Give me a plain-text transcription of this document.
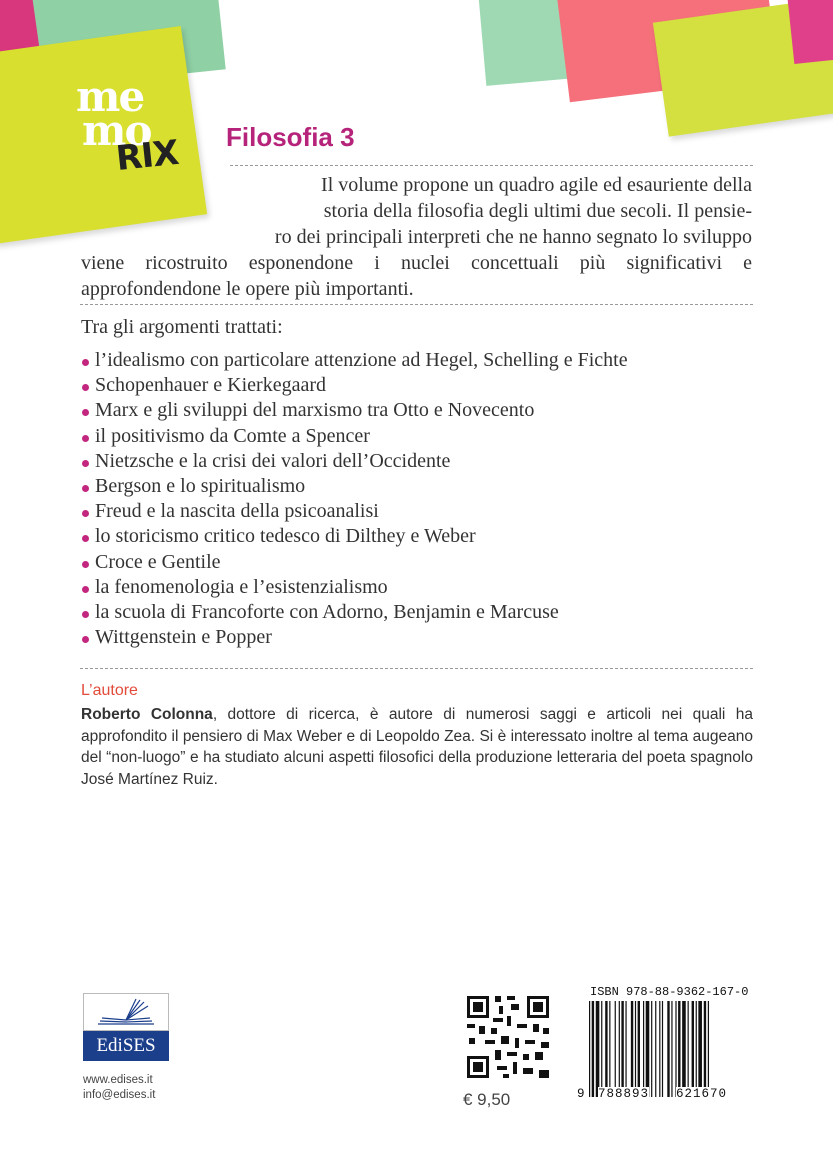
me
mo
RIX Filosofia 3

Il volume propone un quadro agile ed esauriente della
storia della filosofia degli ultimi due secoli. Il pensie-
ro dei principali interpreti che ne hanno segnato lo sviluppo
viene ricostruito esponendone i nuclei concettuali più significativi e
approfondendone le opere più importanti.

Tra gli argomenti trattati:

l’idealismo con particolare attenzione ad Hegel, Schelling e Fichte
Schopenhauer e Kierkegaard
Marx e gli sviluppi del marxismo tra Otto e Novecento
il positivismo da Comte a Spencer
Nietzsche e la crisi dei valori dell’Occidente
Bergson e lo spiritualismo
Freud e la nascita della psicoanalisi
lo storicismo critico tedesco di Dilthey e Weber
Croce e Gentile
la fenomenologia e l’esistenzialismo
la scuola di Francoforte con Adorno, Benjamin e Marcuse
Wittgenstein e Popper

L’autore

Roberto Colonna, dottore di ricerca, è autore di numerosi saggi e articoli nei quali ha approfondito il pensiero di Max Weber e di Leopoldo Zea. Si è interessato inoltre al tema augeano del “non-luogo” e ha studiato alcuni aspetti filosofici della produzione letteraria del poeta spagnolo José Martínez Ruiz.

EdiSES

www.edises.it
info@edises.it	€ 9,50

ISBN 978-88-9362-167-0

9 788893 621670
